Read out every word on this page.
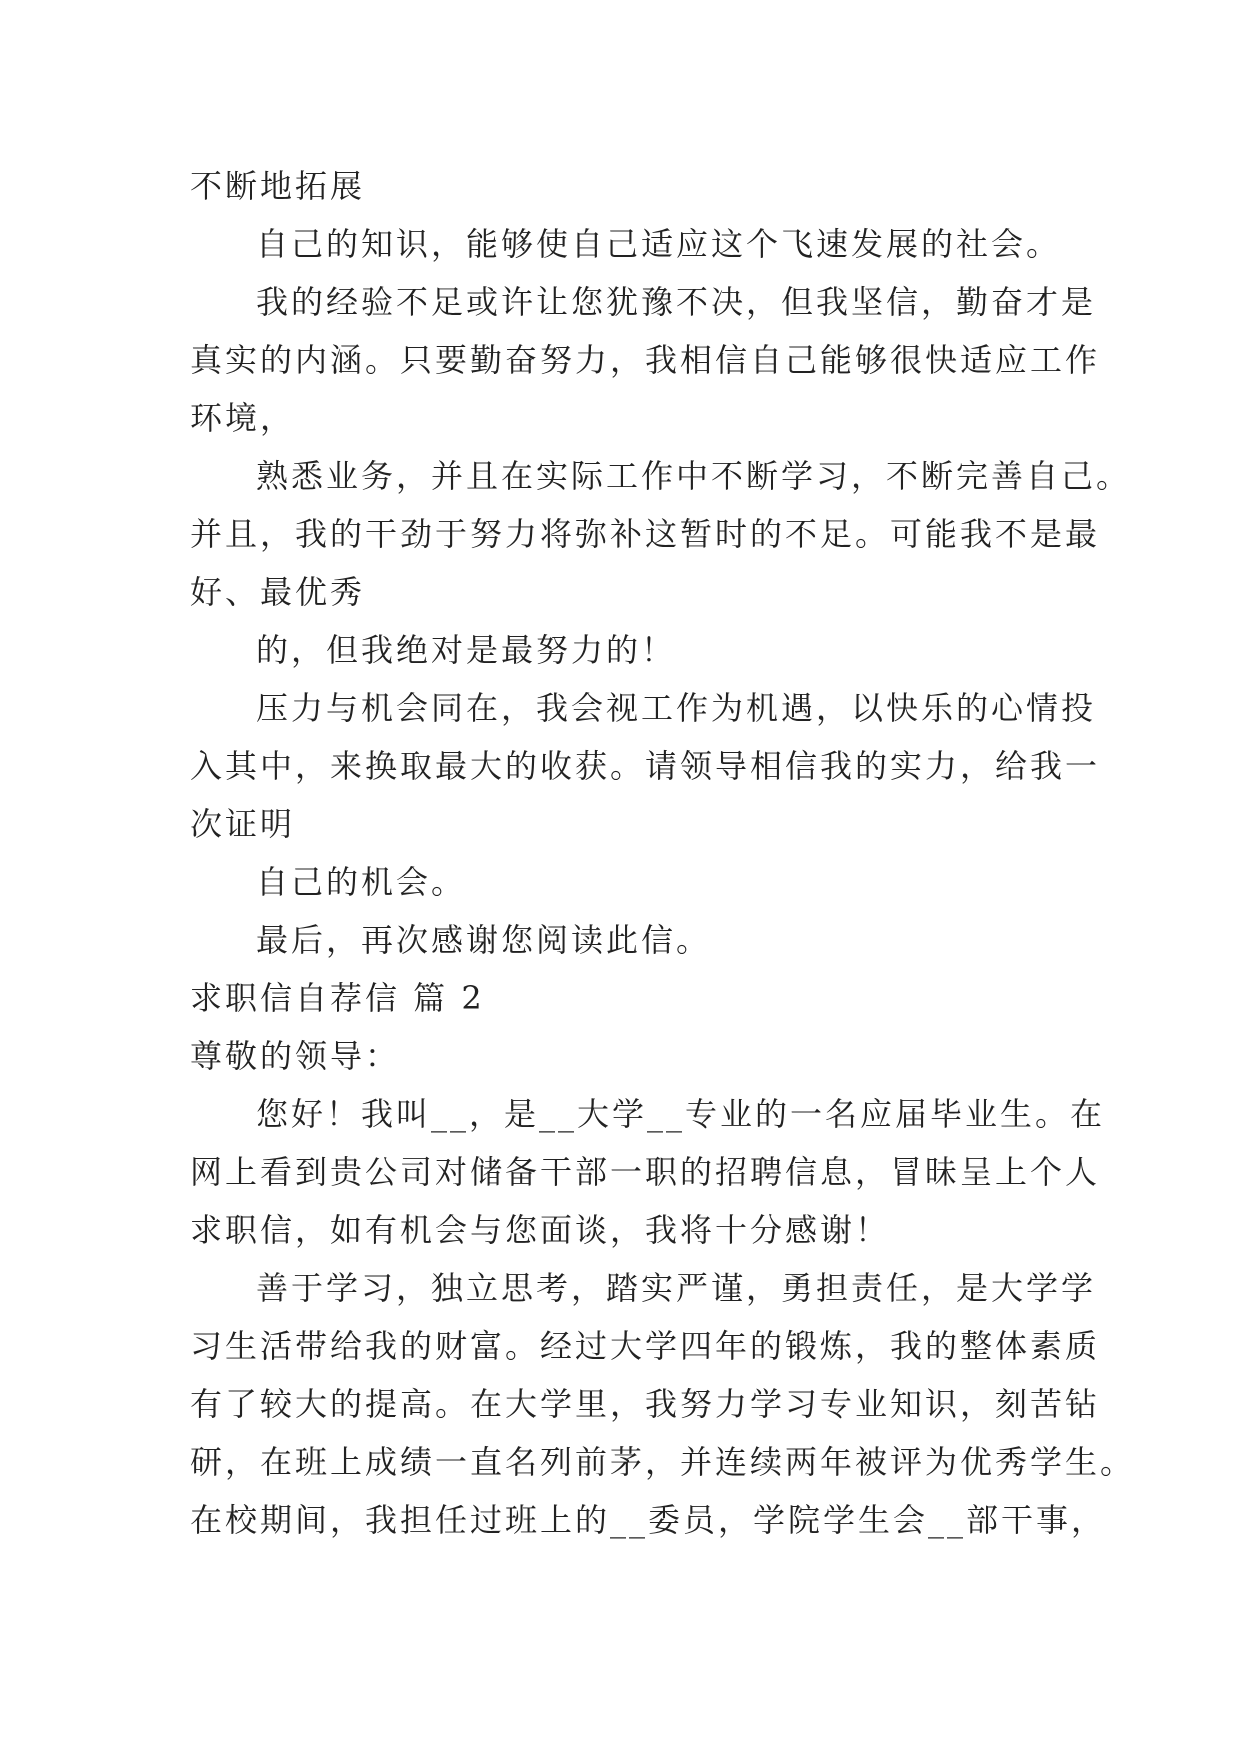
不断地拓展
自己的知识，能够使自己适应这个飞速发展的社会。
我的经验不足或许让您犹豫不决，但我坚信，勤奋才是
真实的内涵。只要勤奋努力，我相信自己能够很快适应工作
环境，
熟悉业务，并且在实际工作中不断学习，不断完善自己。
并且，我的干劲于努力将弥补这暂时的不足。可能我不是最
好、最优秀
的，但我绝对是最努力的！
压力与机会同在，我会视工作为机遇，以快乐的心情投
入其中，来换取最大的收获。请领导相信我的实力，给我一
次证明
自己的机会。
最后，再次感谢您阅读此信。
求职信自荐信 篇 2
尊敬的领导：
您好！我叫__，是__大学__专业的一名应届毕业生。在
网上看到贵公司对储备干部一职的招聘信息，冒昧呈上个人
求职信，如有机会与您面谈，我将十分感谢！
善于学习，独立思考，踏实严谨，勇担责任，是大学学
习生活带给我的财富。经过大学四年的锻炼，我的整体素质
有了较大的提高。在大学里，我努力学习专业知识，刻苦钻
研，在班上成绩一直名列前茅，并连续两年被评为优秀学生。
在校期间，我担任过班上的__委员，学院学生会__部干事，
